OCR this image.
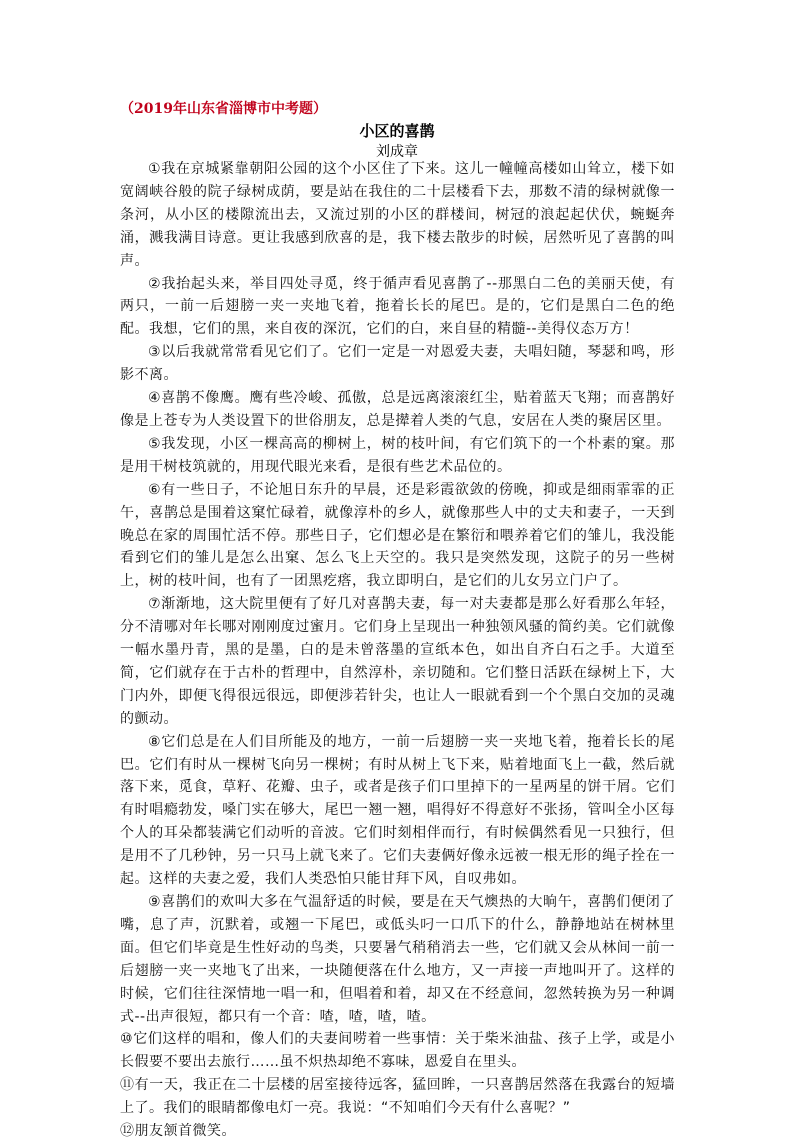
（2019年山东省淄博市中考题）
小区的喜鹊
刘成章

①我在京城紧靠朝阳公园的这个小区住了下来。这儿一幢幢高楼如山耸立，楼下如宽阔峡谷般的院子绿树成荫，要是站在我住的二十层楼看下去，那数不清的绿树就像一条河，从小区的楼隙流出去，又流过别的小区的群楼间，树冠的浪起起伏伏，蜿蜒奔涌，溅我满目诗意。更让我感到欣喜的是，我下楼去散步的时候，居然听见了喜鹊的叫声。

②我抬起头来，举目四处寻觅，终于循声看见喜鹊了--那黑白二色的美丽天使，有两只，一前一后翅膀一夹一夹地飞着，拖着长长的尾巴。是的，它们是黑白二色的绝配。我想，它们的黑，来自夜的深沉，它们的白，来自昼的精髓--美得仪态万方！

③以后我就常常看见它们了。它们一定是一对恩爱夫妻，夫唱妇随，琴瑟和鸣，形影不离。

④喜鹊不像鹰。鹰有些冷峻、孤傲，总是远离滚滚红尘，贴着蓝天飞翔；而喜鹊好像是上苍专为人类设置下的世俗朋友，总是撵着人类的气息，安居在人类的聚居区里。

⑤我发现，小区一棵高高的柳树上，树的枝叶间，有它们筑下的一个朴素的窠。那是用干树枝筑就的，用现代眼光来看，是很有些艺术品位的。

⑥有一些日子，不论旭日东升的早晨，还是彩霞欲敛的傍晚，抑或是细雨霏霏的正午，喜鹊总是围着这窠忙碌着，就像淳朴的乡人，就像那些人中的丈夫和妻子，一天到晚总在家的周围忙活不停。那些日子，它们想必是在繁衍和喂养着它们的雏儿，我没能看到它们的雏儿是怎么出窠、怎么飞上天空的。我只是突然发现，这院子的另一些树上，树的枝叶间，也有了一团黑疙瘩，我立即明白，是它们的儿女另立门户了。

⑦渐渐地，这大院里便有了好几对喜鹊夫妻，每一对夫妻都是那么好看那么年轻，分不清哪对年长哪对刚刚度过蜜月。它们身上呈现出一种独领风骚的简约美。它们就像一幅水墨丹青，黑的是墨，白的是未曾落墨的宣纸本色，如出自齐白石之手。大道至简，它们就存在于古朴的哲理中，自然淳朴，亲切随和。它们整日活跃在绿树上下，大门内外，即便飞得很远很远，即便涉若针尖，也让人一眼就看到一个个黑白交加的灵魂的颤动。

⑧它们总是在人们目所能及的地方，一前一后翅膀一夹一夹地飞着，拖着长长的尾巴。它们有时从一棵树飞向另一棵树；有时从树上飞下来，贴着地面飞上一截，然后就落下来，觅食，草籽、花瓣、虫子，或者是孩子们口里掉下的一星两星的饼干屑。它们有时唱瘾勃发，嗓门实在够大，尾巴一翘一翘，唱得好不得意好不张扬，管叫全小区每个人的耳朵都装满它们动听的音波。它们时刻相伴而行，有时候偶然看见一只独行，但是用不了几秒钟，另一只马上就飞来了。它们夫妻俩好像永远被一根无形的绳子拴在一起。这样的夫妻之爱，我们人类恐怕只能甘拜下风，自叹弗如。

⑨喜鹊们的欢叫大多在气温舒适的时候，要是在天气燠热的大晌午，喜鹊们便闭了嘴，息了声，沉默着，或翘一下尾巴，或低头叼一口爪下的什么，静静地站在树林里面。但它们毕竟是生性好动的鸟类，只要暑气稍稍消去一些，它们就又会从林间一前一后翅膀一夹一夹地飞了出来，一块随便落在什么地方，又一声接一声地叫开了。这样的时候，它们往往深情地一唱一和，但唱着和着，却又在不经意间，忽然转换为另一种调式--出声很短，都只有一个音：喳，喳，喳，喳。

⑩它们这样的唱和，像人们的夫妻间唠着一些事情：关于柴米油盐、孩子上学，或是小长假要不要出去旅行……虽不炽热却绝不寡味，恩爱自在里头。

⑪有一天，我正在二十层楼的居室接待远客，猛回眸，一只喜鹊居然落在我露台的短墙上了。我们的眼睛都像电灯一亮。我说：“不知咱们今天有什么喜呢？”

⑫朋友颔首微笑。
